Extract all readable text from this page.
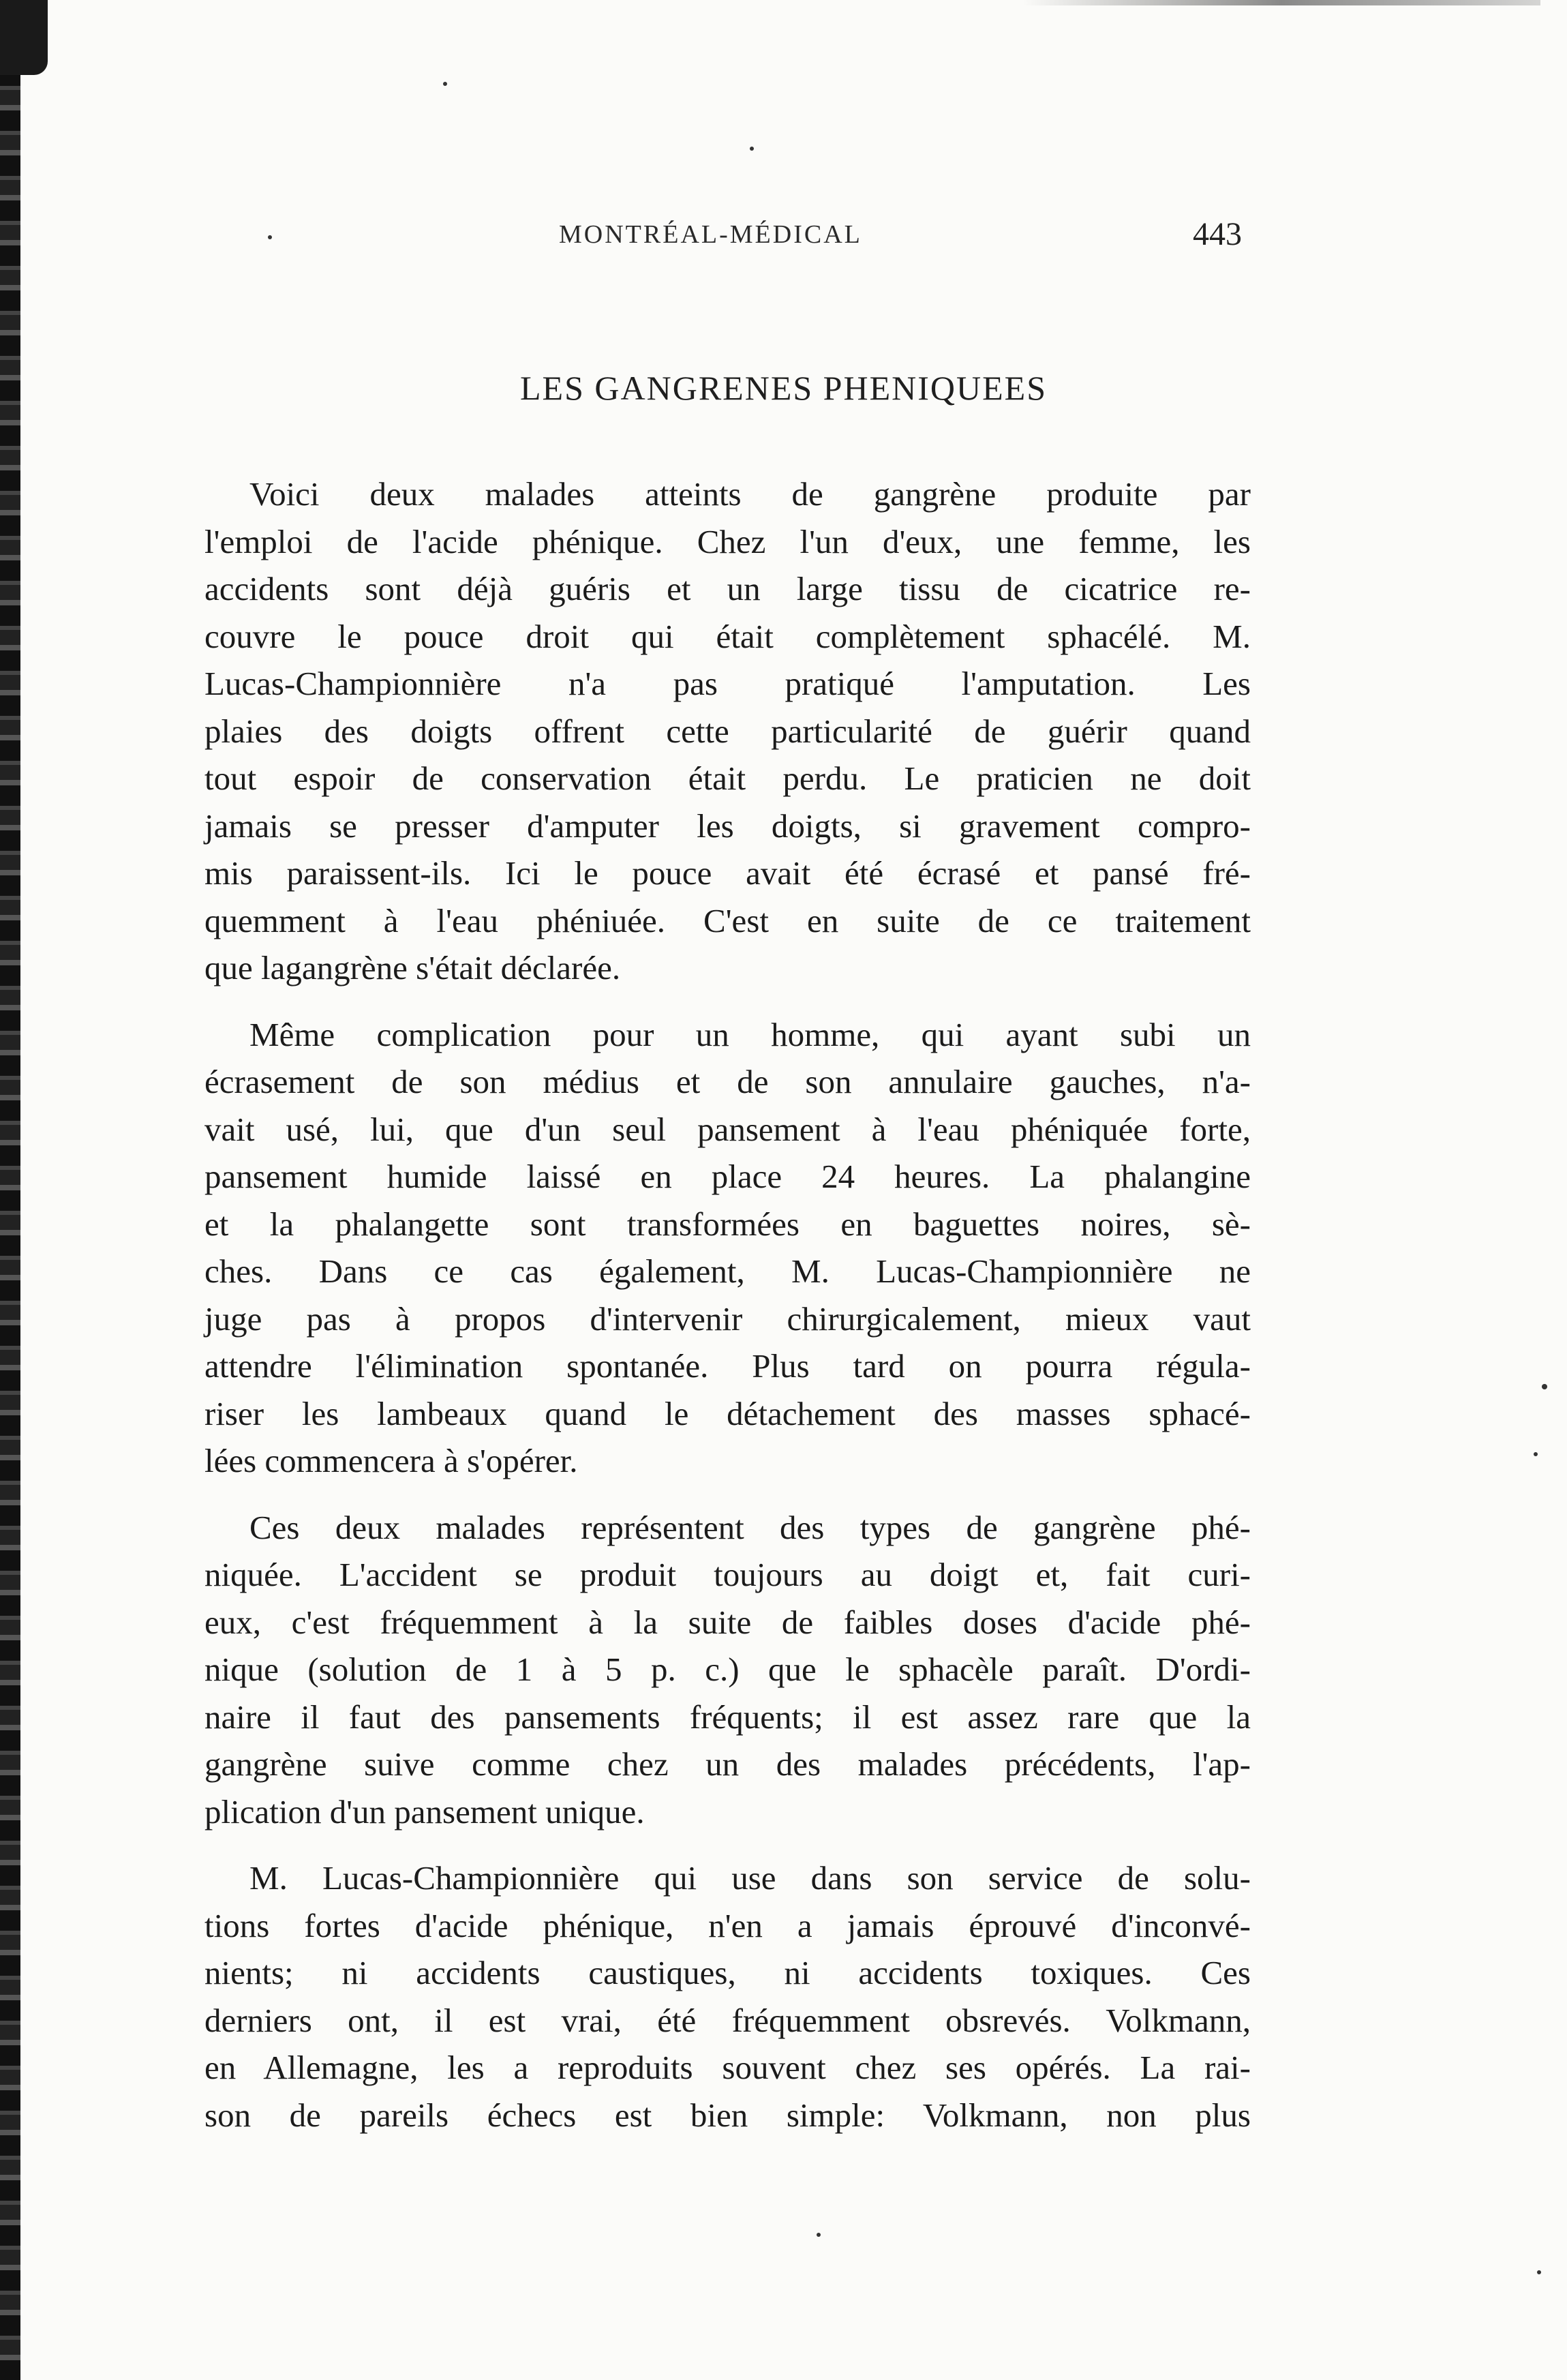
MONTRÉAL-MÉDICAL	443
LES GANGRENES PHENIQUEES

Voici deux malades atteints de gangrène produite par
l'emploi de l'acide phénique. Chez l'un d'eux, une femme, les
accidents sont déjà guéris et un large tissu de cicatrice re-
couvre le pouce droit qui était complètement sphacélé. M.
Lucas-Championnière n'a pas pratiqué l'amputation. Les
plaies des doigts offrent cette particularité de guérir quand
tout espoir de conservation était perdu. Le praticien ne doit
jamais se presser d'amputer les doigts, si gravement compro-
mis paraissent-ils. Ici le pouce avait été écrasé et pansé fré-
quemment à l'eau phéniuée. C'est en suite de ce traitement
que lagangrène s'était déclarée.

Même complication pour un homme, qui ayant subi un
écrasement de son médius et de son annulaire gauches, n'a-
vait usé, lui, que d'un seul pansement à l'eau phéniquée forte,
pansement humide laissé en place 24 heures. La phalangine
et la phalangette sont transformées en baguettes noires, sè-
ches. Dans ce cas également, M. Lucas-Championnière ne
juge pas à propos d'intervenir chirurgicalement, mieux vaut
attendre l'élimination spontanée. Plus tard on pourra régula-
riser les lambeaux quand le détachement des masses sphacé-
lées commencera à s'opérer.

Ces deux malades représentent des types de gangrène phé-
niquée. L'accident se produit toujours au doigt et, fait curi-
eux, c'est fréquemment à la suite de faibles doses d'acide phé-
nique (solution de 1 à 5 p. c.) que le sphacèle paraît. D'ordi-
naire il faut des pansements fréquents; il est assez rare que la
gangrène suive comme chez un des malades précédents, l'ap-
plication d'un pansement unique.

M. Lucas-Championnière qui use dans son service de solu-
tions fortes d'acide phénique, n'en a jamais éprouvé d'inconvé-
nients; ni accidents caustiques, ni accidents toxiques. Ces
derniers ont, il est vrai, été fréquemment obsrevés. Volkmann,
en Allemagne, les a reproduits souvent chez ses opérés. La rai-
son de pareils échecs est bien simple: Volkmann, non plus
